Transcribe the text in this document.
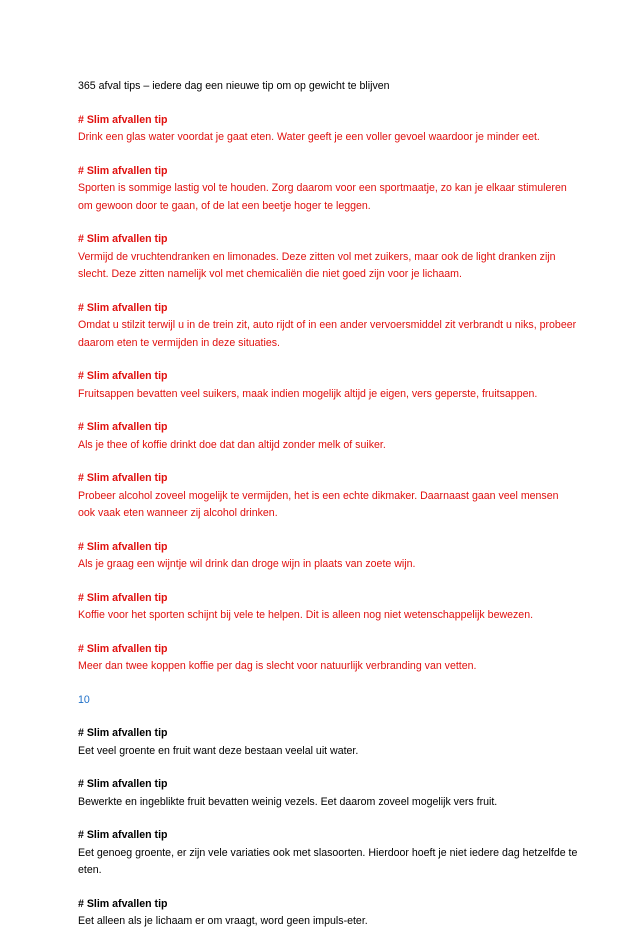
365 afval tips – iedere dag een nieuwe tip om op gewicht te blijven
# Slim afvallen tip
Drink een glas water voordat je gaat eten. Water geeft je een voller gevoel waardoor je minder eet.
# Slim afvallen tip
Sporten is sommige lastig vol te houden. Zorg daarom voor een sportmaatje, zo kan je elkaar stimuleren om gewoon door te gaan, of de lat een beetje hoger te leggen.
# Slim afvallen tip
Vermijd de vruchtendranken en limonades. Deze zitten vol met zuikers, maar ook de light dranken zijn slecht. Deze zitten namelijk vol met chemicaliën die niet goed zijn voor je lichaam.
# Slim afvallen tip
Omdat u stilzit terwijl u in de trein zit, auto rijdt of in een ander vervoersmiddel zit verbrandt u niks, probeer daarom eten te vermijden in deze situaties.
# Slim afvallen tip
Fruitsappen bevatten veel suikers, maak indien mogelijk altijd je eigen, vers geperste, fruitsappen.
# Slim afvallen tip
Als je thee of koffie drinkt doe dat dan altijd zonder melk of suiker.
# Slim afvallen tip
Probeer alcohol zoveel mogelijk te vermijden, het is een echte dikmaker. Daarnaast gaan veel mensen ook vaak eten wanneer zij alcohol drinken.
# Slim afvallen tip
Als je graag een wijntje wil drink dan droge wijn in plaats van zoete wijn.
# Slim afvallen tip
Koffie voor het sporten schijnt bij vele te helpen. Dit is alleen nog niet wetenschappelijk bewezen.
# Slim afvallen tip
Meer dan twee koppen koffie per dag is slecht voor natuurlijk verbranding van vetten.
10
# Slim afvallen tip
Eet veel groente en fruit want deze bestaan veelal uit water.
# Slim afvallen tip
Bewerkte en ingeblikte fruit bevatten weinig vezels. Eet daarom zoveel mogelijk vers fruit.
# Slim afvallen tip
Eet genoeg groente, er zijn vele variaties ook met slasoorten. Hierdoor hoeft je niet iedere dag hetzelfde te eten.
# Slim afvallen tip
Eet alleen als je lichaam er om vraagt, word geen impuls-eter.
